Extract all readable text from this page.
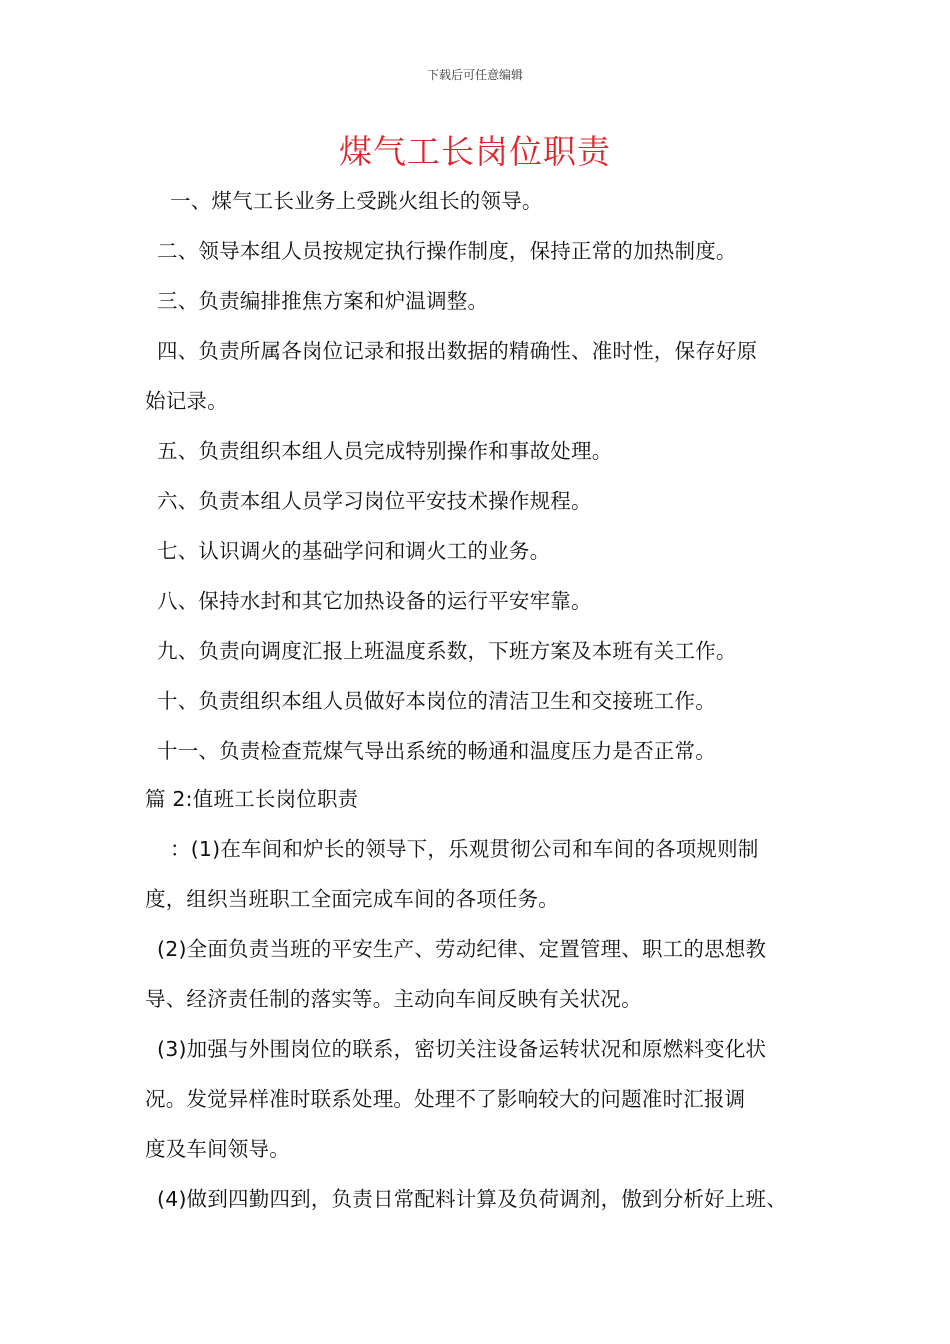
下载后可任意编辑
煤气工长岗位职责
一、煤气工长业务上受跳火组长的领导。
二、领导本组人员按规定执行操作制度，保持正常的加热制度。
三、负责编排推焦方案和炉温调整。
四、负责所属各岗位记录和报出数据的精确性、准时性，保存好原
始记录。
五、负责组织本组人员完成特别操作和事故处理。
六、负责本组人员学习岗位平安技术操作规程。
七、认识调火的基础学问和调火工的业务。
八、保持水封和其它加热设备的运行平安牢靠。
九、负责向调度汇报上班温度系数，下班方案及本班有关工作。
十、负责组织本组人员做好本岗位的清洁卫生和交接班工作。
十一、负责检查荒煤气导出系统的畅通和温度压力是否正常。
篇 2:值班工长岗位职责
：(1)在车间和炉长的领导下，乐观贯彻公司和车间的各项规则制
度，组织当班职工全面完成车间的各项任务。
(2)全面负责当班的平安生产、劳动纪律、定置管理、职工的思想教
导、经济责任制的落实等。主动向车间反映有关状况。
(3)加强与外围岗位的联系，密切关注设备运转状况和原燃料变化状
况。发觉异样准时联系处理。处理不了影响较大的问题准时汇报调
度及车间领导。
(4)做到四勤四到，负责日常配料计算及负荷调剂，傲到分析好上班、
